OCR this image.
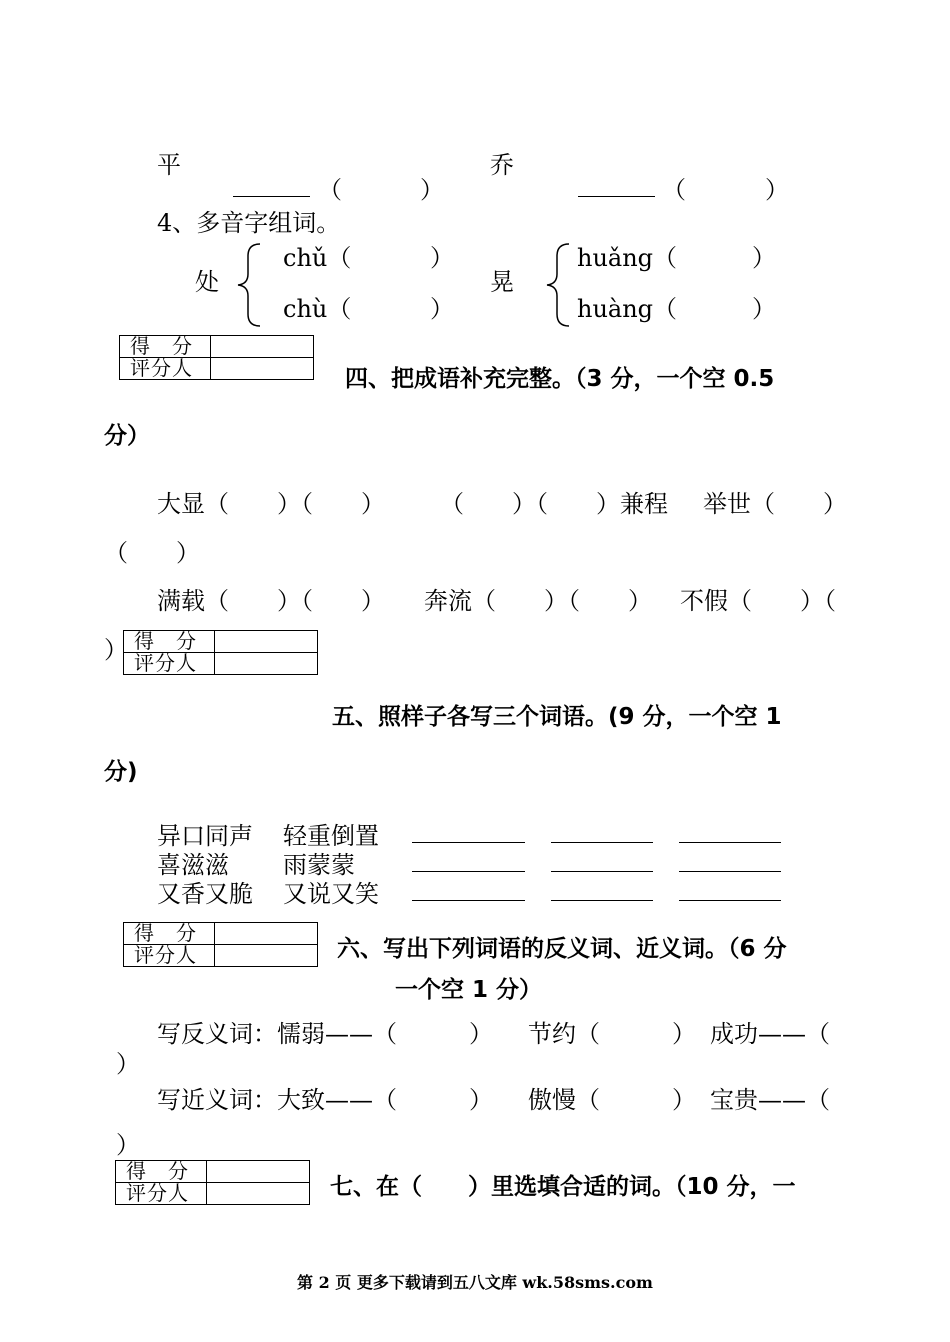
平	乔
（	）	（	）
4、多音字组词。
处
chǔ（	）
chù（	）
晃
huǎng（	）
huàng（	）
得　分	
评分人		四、把成语补充完整。（3 分，一个空 0.5
分）
大显（　　）（　　） （　　）（　　）兼程 举世（　　）
（　　）
满载（　　）（　　） 奔流（　　）（　　） 不假（　　）（
） 得　分	
评分人	
五、照样子各写三个词语。(9 分，一个空 1
分)
异口同声 轻重倒置
喜滋滋 雨蒙蒙
又香又脆 又说又笑
得　分	
评分人		六、写出下列词语的反义词、近义词。（6 分
一个空 1 分）
写反义词：懦弱——（　　　） 节约（　　　） 成功——（
）
写近义词：大致——（　　　） 傲慢（　　　） 宝贵——（
）
得　分	
评分人		七、在（　　）里选填合适的词。（10 分，一
第 2 页 更多下载请到五八文库 wk.58sms.com
